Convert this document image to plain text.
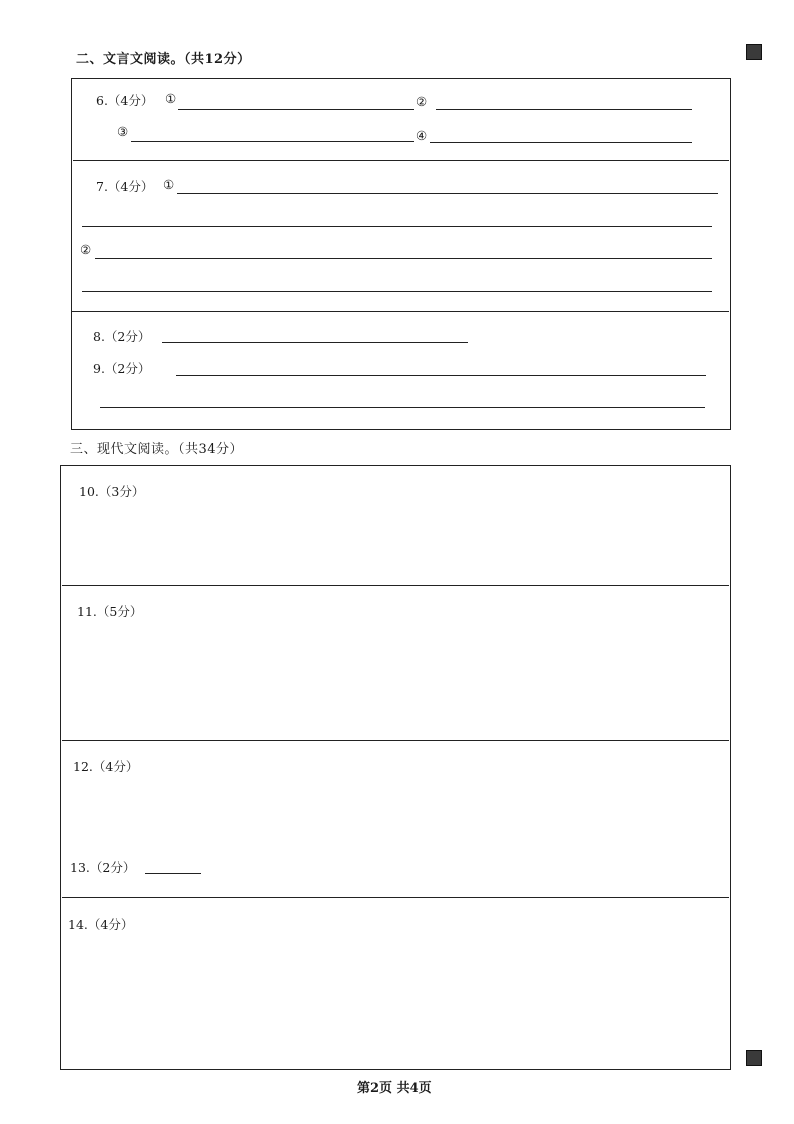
二、文言文阅读。（共12分）
6.（4分） ①	②
③	④
7.（4分） ①
②
8.（2分）
9.（2分）
三、现代文阅读。（共34分）
10.（3分）
11.（5分）
12.（4分）
13.（2分）
14.（4分）
第2页 共4页
